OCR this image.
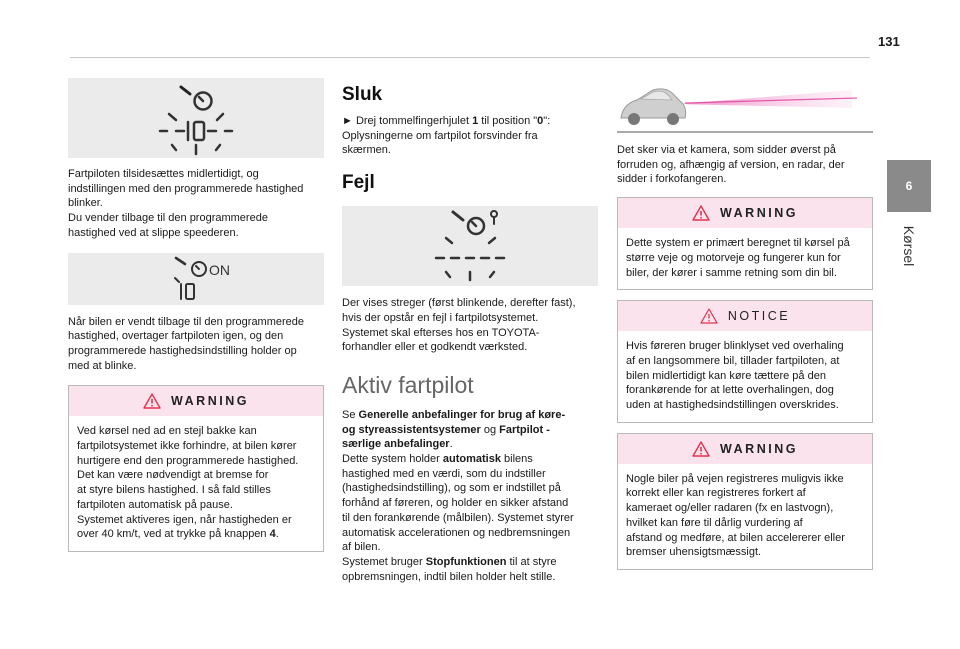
131
6
Kørsel

Fartpiloten tilsidesættes midlertidigt, og

indstillingen med den programmerede hastighed

blinker.

Du vender tilbage til den programmerede

hastighed ved at slippe speederen.

ON

Når bilen er vendt tilbage til den programmerede

hastighed, overtager fartpiloten igen, og den

programmerede hastighedsindstilling holder op

med at blinke.

WARNING

Ved kørsel ned ad en stejl bakke kan

fartpilotsystemet ikke forhindre, at bilen kører

hurtigere end den programmerede hastighed.

Det kan være nødvendigt at bremse for

at styre bilens hastighed. I så fald stilles

fartpiloten automatisk på pause.

Systemet aktiveres igen, når hastigheden er

over 40 km/t, ved at trykke på knappen 4.

Sluk

► Drej tommelfingerhjulet 1 til position "0":

Oplysningerne om fartpilot forsvinder fra

skærmen.

Fejl

Der vises streger (først blinkende, derefter fast),

hvis der opstår en fejl i fartpilotsystemet.

Systemet skal efterses hos en TOYOTA-

forhandler eller et godkendt værksted.

Aktiv fartpilot

Se Generelle anbefalinger for brug af køre-

og styreassistentsystemer og Fartpilot -

særlige anbefalinger.

Dette system holder automatisk bilens

hastighed med en værdi, som du indstiller

(hastighedsindstilling), og som er indstillet på

forhånd af føreren, og holder en sikker afstand

til den forankørende (målbilen). Systemet styrer

automatisk accelerationen og nedbremsningen

af bilen.

Systemet bruger Stopfunktionen til at styre

opbremsningen, indtil bilen holder helt stille.

Det sker via et kamera, som sidder øverst på

forruden og, afhængig af version, en radar, der

sidder i forkofangeren.

WARNING

Dette system er primært beregnet til kørsel på

større veje og motorveje og fungerer kun for

biler, der kører i samme retning som din bil.

NOTICE

Hvis føreren bruger blinklyset ved overhaling

af en langsommere bil, tillader fartpiloten, at

bilen midlertidigt kan køre tættere på den

forankørende for at lette overhalingen, dog

uden at hastighedsindstillingen overskrides.

WARNING

Nogle biler på vejen registreres muligvis ikke

korrekt eller kan registreres forkert af

kameraet og/eller radaren (fx en lastvogn),

hvilket kan føre til dårlig vurdering af

afstand og medføre, at bilen accelererer eller

bremser uhensigtsmæssigt.
